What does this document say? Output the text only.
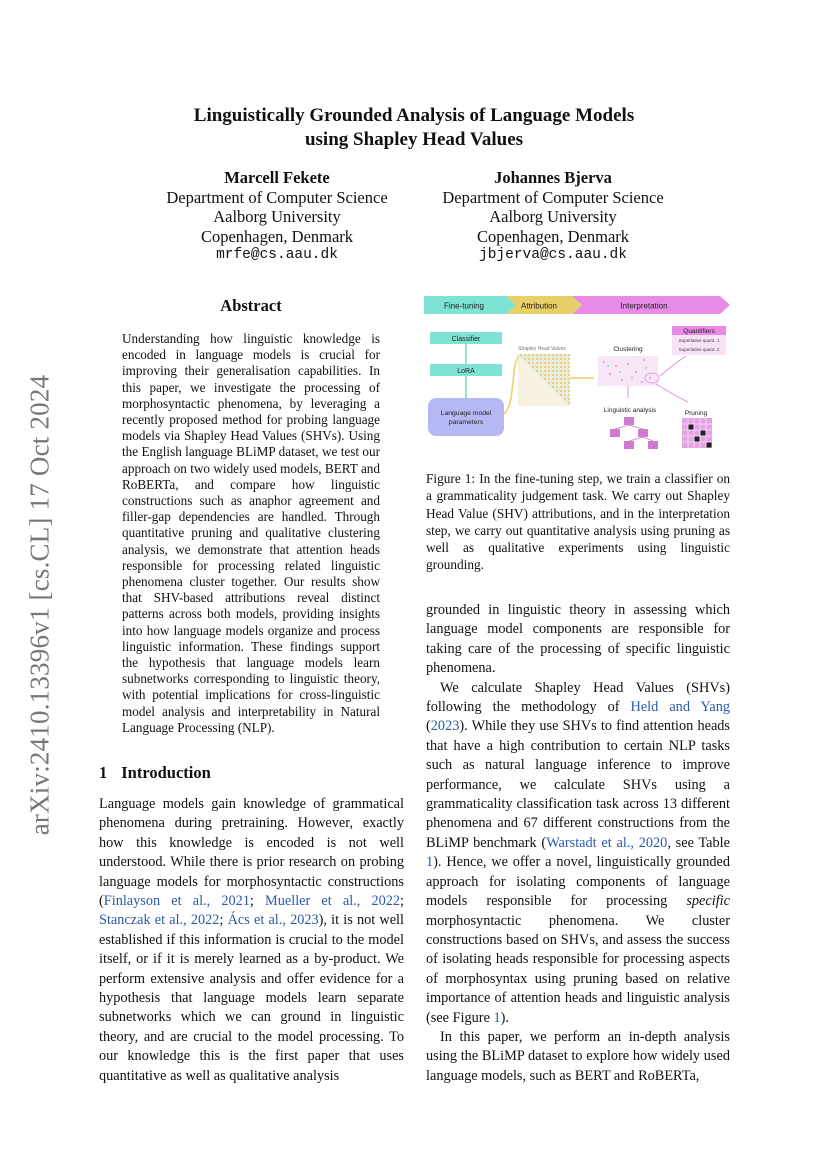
arXiv:2410.13396v1 [cs.CL] 17 Oct 2024
Linguistically Grounded Analysis of Language Models
using Shapley Head Values
Marcell Fekete
Department of Computer Science
Aalborg University
Copenhagen, Denmark
mrfe@cs.aau.dk
Johannes Bjerva
Department of Computer Science
Aalborg University
Copenhagen, Denmark
jbjerva@cs.aau.dk
Abstract
Understanding how linguistic knowledge is encoded in language models is crucial for improving their generalisation capabilities. In this paper, we investigate the processing of morphosyntactic phenomena, by leveraging a recently proposed method for probing language models via Shapley Head Values (SHVs). Using the English language BLiMP dataset, we test our approach on two widely used models, BERT and RoBERTa, and compare how linguistic constructions such as anaphor agreement and filler-gap dependencies are handled. Through quantitative pruning and qualitative clustering analysis, we demonstrate that attention heads responsible for processing related linguistic phenomena cluster together. Our results show that SHV-based attributions reveal distinct patterns across both models, providing insights into how language models organize and process linguistic information. These findings support the hypothesis that language models learn subnetworks corresponding to linguistic theory, with potential implications for cross-linguistic model analysis and interpretability in Natural Language Processing (NLP).
1 Introduction
Language models gain knowledge of grammatical phenomena during pretraining. However, exactly how this knowledge is encoded is not well understood. While there is prior research on probing language models for morphosyntactic constructions (Finlayson et al., 2021; Mueller et al., 2022; Stanczak et al., 2022; Ács et al., 2023), it is not well established if this information is crucial to the model itself, or if it is merely learned as a by-product. We perform extensive analysis and offer evidence for a hypothesis that language models learn separate subnetworks which we can ground in linguistic theory, and are crucial to the model processing. To our knowledge this is the first paper that uses quantitative as well as qualitative analysis
Fine-tuning	Attribution	Interpretation
Classifier
LoRA
Language model
parameters
Shapley Head Values	Clustering
Quantifiers
Superlative quant. 1
Superlative quant. 2
Linguistic analysis	Pruning
Figure 1: In the fine-tuning step, we train a classifier on a grammaticality judgement task. We carry out Shapley Head Value (SHV) attributions, and in the interpretation step, we carry out quantitative analysis using pruning as well as qualitative experiments using linguistic grounding.

grounded in linguistic theory in assessing which language model components are responsible for taking care of the processing of specific linguistic phenomena.

We calculate Shapley Head Values (SHVs) following the methodology of Held and Yang (2023). While they use SHVs to find attention heads that have a high contribution to certain NLP tasks such as natural language inference to improve performance, we calculate SHVs using a grammaticality classification task across 13 different phenomena and 67 different constructions from the BLiMP benchmark (Warstadt et al., 2020, see Table 1). Hence, we offer a novel, linguistically grounded approach for isolating components of language models responsible for processing specific morphosyntactic phenomena. We cluster constructions based on SHVs, and assess the success of isolating heads responsible for processing aspects of morphosyntax using pruning based on relative importance of attention heads and linguistic analysis (see Figure 1).

In this paper, we perform an in-depth analysis using the BLiMP dataset to explore how widely used language models, such as BERT and RoBERTa,
